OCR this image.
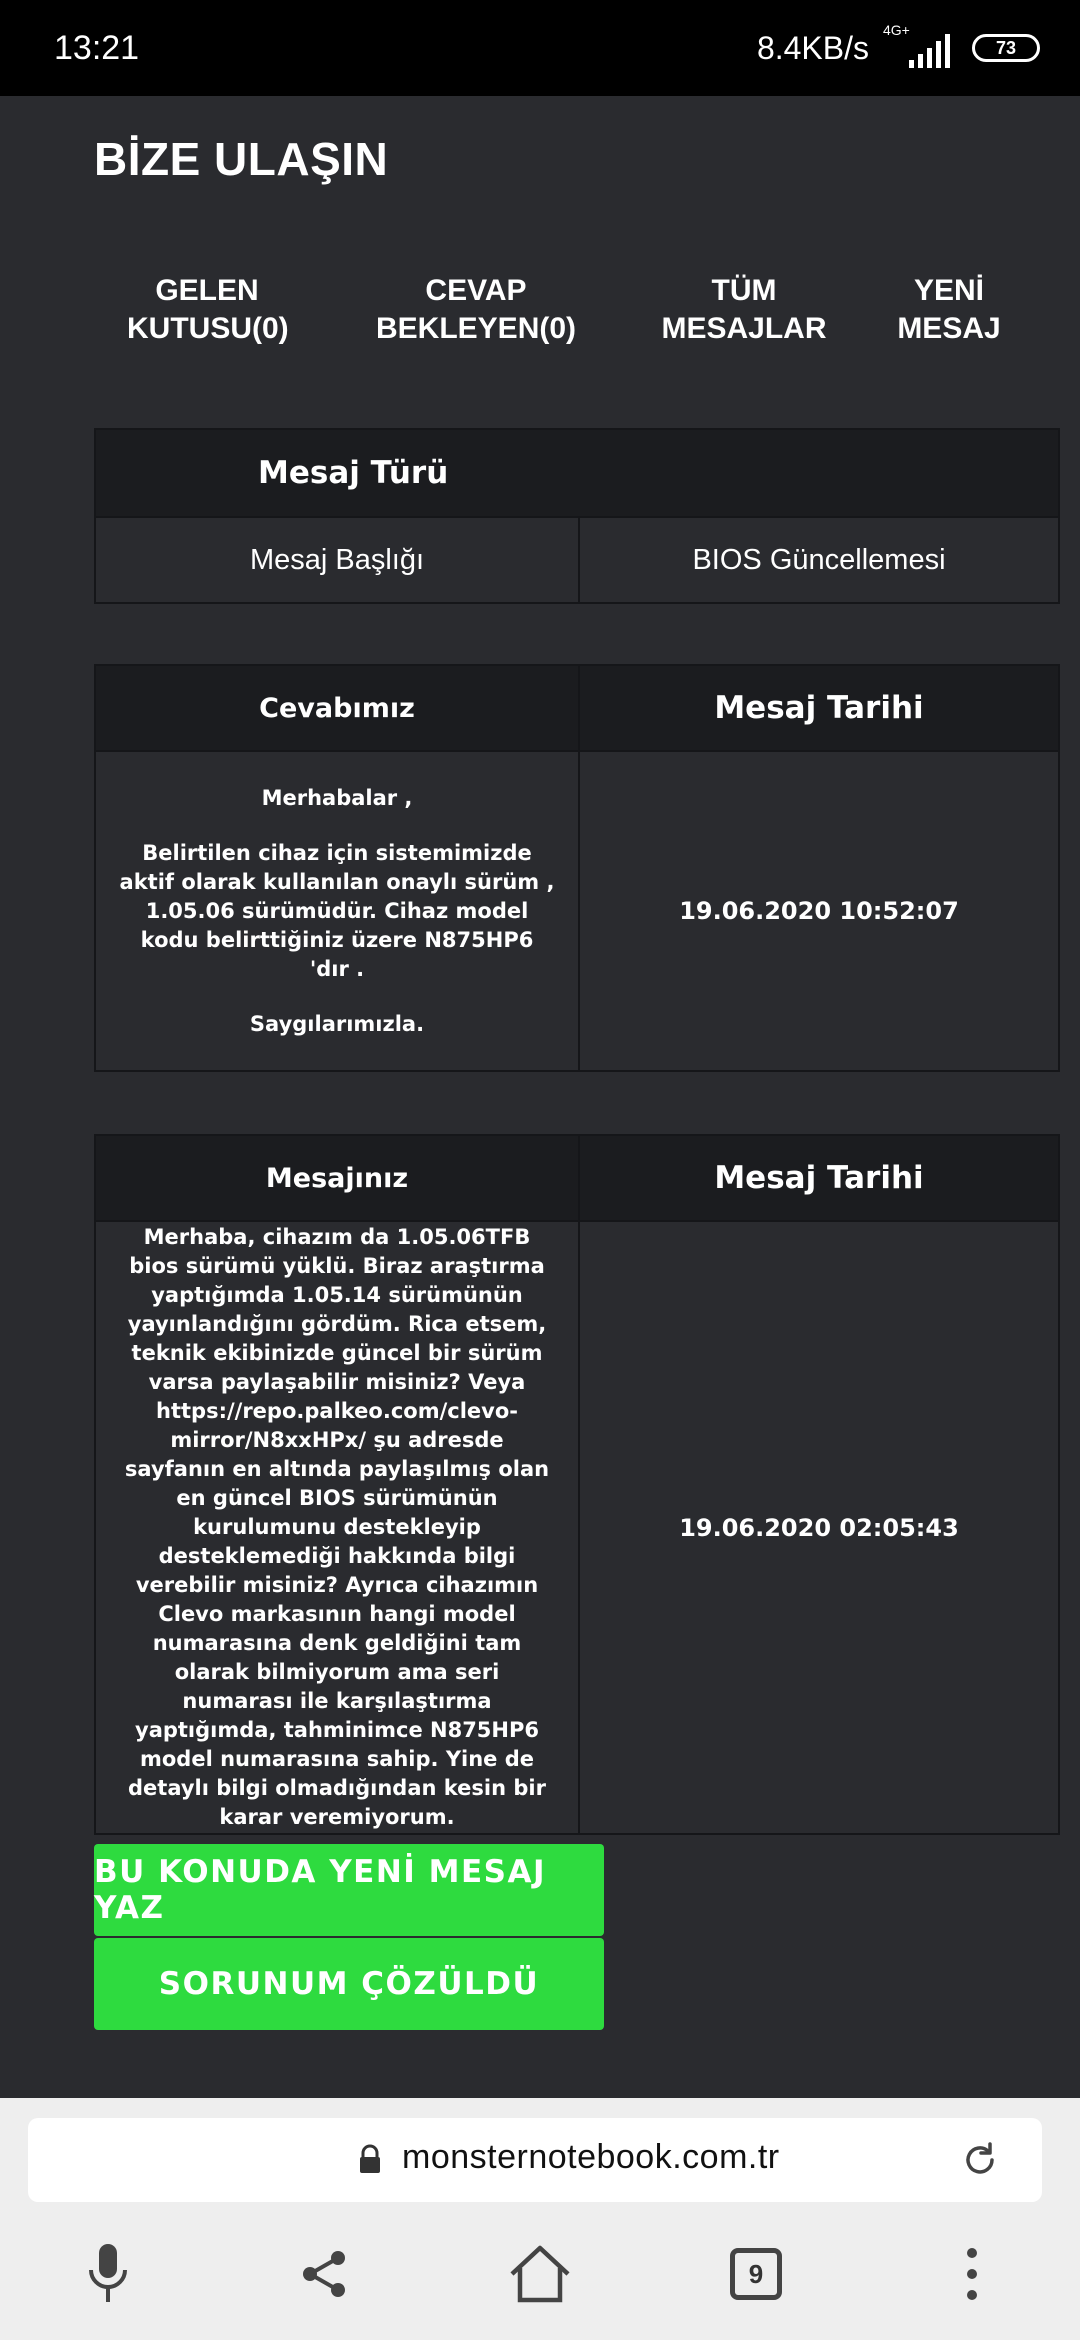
13:21	8.4KB/s 4G+
73
BİZE ULAŞIN
GELEN
KUTUSU(0)
CEVAP
BEKLEYEN(0)
TÜM
MESAJLAR
YENİ
MESAJ
Mesaj Türü
Mesaj Başlığı	BIOS Güncellemesi
Cevabımız	Mesaj Tarihi

Merhabalar ,

Belirtilen cihaz için sistemimizde aktif olarak kullanılan onaylı sürüm , 1.05.06 sürümüdür. Cihaz model kodu belirttiğiniz üzere N875HP6 'dır .

Saygılarımızla.	19.06.2020 10:52:07
Mesajınız	Mesaj Tarihi

Merhaba, cihazım da 1.05.06TFB bios sürümü yüklü. Biraz araştırma yaptığımda 1.05.14 sürümünün yayınlandığını gördüm. Rica etsem, teknik ekibinizde güncel bir sürüm varsa paylaşabilir misiniz? Veya https://repo.palkeo.com/clevo-mirror/N8xxHPx/ şu adresde sayfanın en altında paylaşılmış olan en güncel BIOS sürümünün kurulumunu destekleyip desteklemediği hakkında bilgi verebilir misiniz? Ayrıca cihazımın Clevo markasının hangi model numarasına denk geldiğini tam olarak bilmiyorum ama seri numarası ile karşılaştırma yaptığımda, tahminimce N875HP6 model numarasına sahip. Yine de detaylı bilgi olmadığından kesin bir karar veremiyorum.	19.06.2020 02:05:43
BU KONUDA YENİ MESAJ YAZ
SORUNUM ÇÖZÜLDÜ
monsternotebook.com.tr
9
